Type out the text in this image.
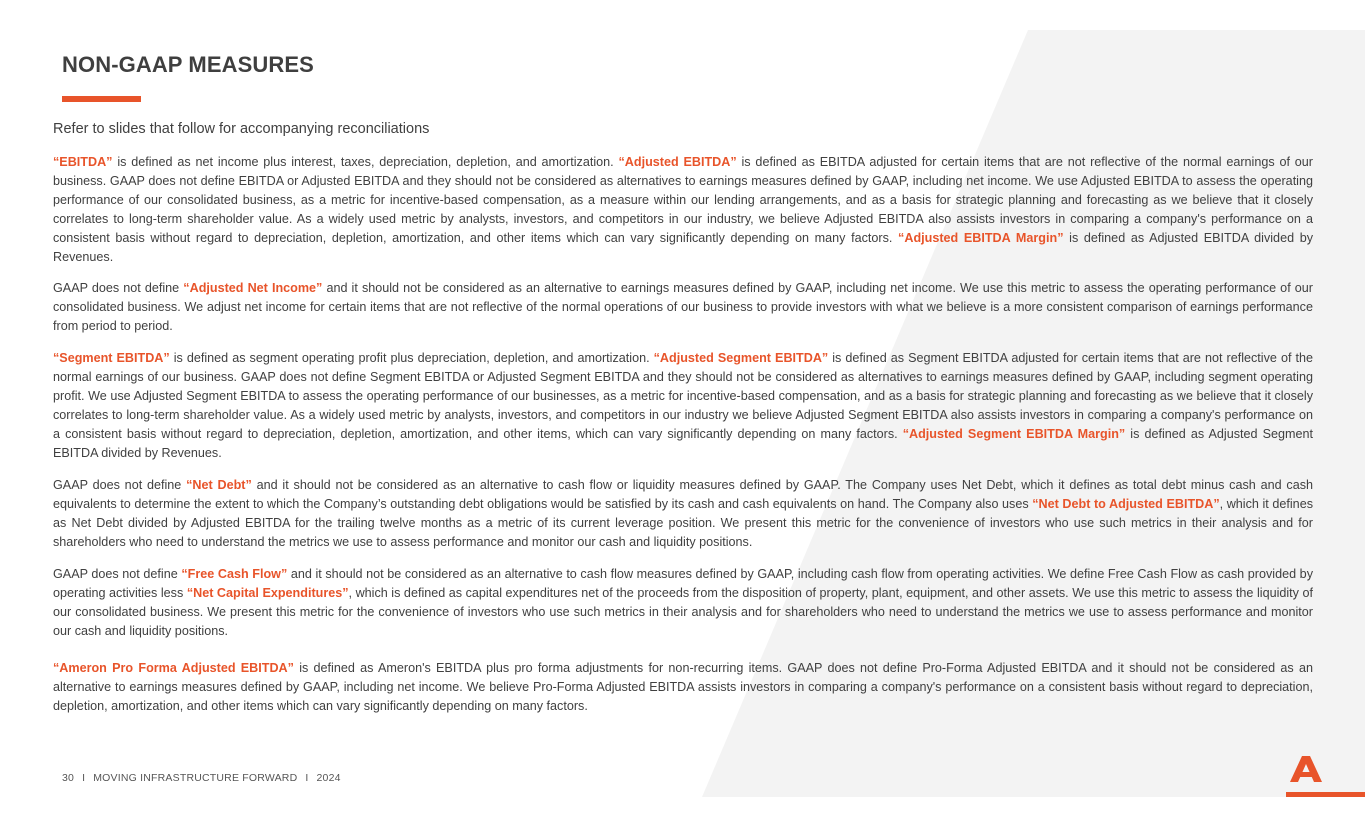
NON-GAAP MEASURES

Refer to slides that follow for accompanying reconciliations

“EBITDA” is defined as net income plus interest, taxes, depreciation, depletion, and amortization. “Adjusted EBITDA” is defined as EBITDA adjusted for certain items that are not reflective of the normal earnings of our business. GAAP does not define EBITDA or Adjusted EBITDA and they should not be considered as alternatives to earnings measures defined by GAAP, including net income. We use Adjusted EBITDA to assess the operating performance of our consolidated business, as a metric for incentive-based compensation, as a measure within our lending arrangements, and as a basis for strategic planning and forecasting as we believe that it closely correlates to long-term shareholder value. As a widely used metric by analysts, investors, and competitors in our industry, we believe Adjusted EBITDA also assists investors in comparing a company's performance on a consistent basis without regard to depreciation, depletion, amortization, and other items which can vary significantly depending on many factors. “Adjusted EBITDA Margin” is defined as Adjusted EBITDA divided by Revenues.

GAAP does not define “Adjusted Net Income” and it should not be considered as an alternative to earnings measures defined by GAAP, including net income. We use this metric to assess the operating performance of our consolidated business. We adjust net income for certain items that are not reflective of the normal operations of our business to provide investors with what we believe is a more consistent comparison of earnings performance from period to period.

“Segment EBITDA” is defined as segment operating profit plus depreciation, depletion, and amortization. “Adjusted Segment EBITDA” is defined as Segment EBITDA adjusted for certain items that are not reflective of the normal earnings of our business. GAAP does not define Segment EBITDA or Adjusted Segment EBITDA and they should not be considered as alternatives to earnings measures defined by GAAP, including segment operating profit. We use Adjusted Segment EBITDA to assess the operating performance of our businesses, as a metric for incentive-based compensation, and as a basis for strategic planning and forecasting as we believe that it closely correlates to long-term shareholder value. As a widely used metric by analysts, investors, and competitors in our industry we believe Adjusted Segment EBITDA also assists investors in comparing a company's performance on a consistent basis without regard to depreciation, depletion, amortization, and other items, which can vary significantly depending on many factors. “Adjusted Segment EBITDA Margin” is defined as Adjusted Segment EBITDA divided by Revenues.

GAAP does not define “Net Debt” and it should not be considered as an alternative to cash flow or liquidity measures defined by GAAP. The Company uses Net Debt, which it defines as total debt minus cash and cash equivalents to determine the extent to which the Company’s outstanding debt obligations would be satisfied by its cash and cash equivalents on hand. The Company also uses “Net Debt to Adjusted EBITDA”, which it defines as Net Debt divided by Adjusted EBITDA for the trailing twelve months as a metric of its current leverage position. We present this metric for the convenience of investors who use such metrics in their analysis and for shareholders who need to understand the metrics we use to assess performance and monitor our cash and liquidity positions.

GAAP does not define “Free Cash Flow” and it should not be considered as an alternative to cash flow measures defined by GAAP, including cash flow from operating activities. We define Free Cash Flow as cash provided by operating activities less “Net Capital Expenditures”, which is defined as capital expenditures net of the proceeds from the disposition of property, plant, equipment, and other assets. We use this metric to assess the liquidity of our consolidated business. We present this metric for the convenience of investors who use such metrics in their analysis and for shareholders who need to understand the metrics we use to assess performance and monitor our cash and liquidity positions.

“Ameron Pro Forma Adjusted EBITDA” is defined as Ameron's EBITDA plus pro forma adjustments for non-recurring items. GAAP does not define Pro-Forma Adjusted EBITDA and it should not be considered as an alternative to earnings measures defined by GAAP, including net income. We believe Pro-Forma Adjusted EBITDA assists investors in comparing a company's performance on a consistent basis without regard to depreciation, depletion, amortization, and other items which can vary significantly depending on many factors.

30 I MOVING INFRASTRUCTURE FORWARD I 2024
